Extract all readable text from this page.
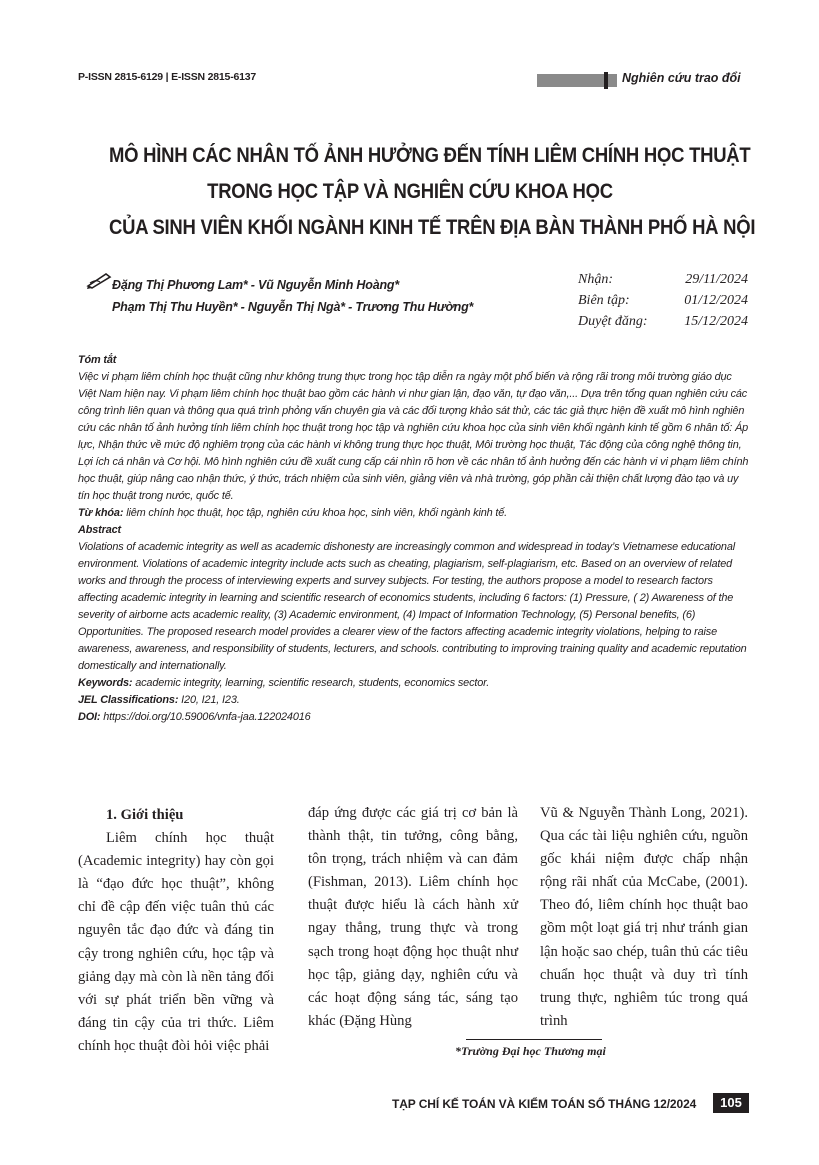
P-ISSN 2815-6129 | E-ISSN 2815-6137	Nghiên cứu trao đổi
MÔ HÌNH CÁC NHÂN TỐ ẢNH HƯỞNG ĐẾN TÍNH LIÊM CHÍNH HỌC THUẬT
TRONG HỌC TẬP VÀ NGHIÊN CỨU KHOA HỌC
CỦA SINH VIÊN KHỐI NGÀNH KINH TẾ TRÊN ĐỊA BÀN THÀNH PHỐ HÀ NỘI
Đặng Thị Phương Lam* - Vũ Nguyễn Minh Hoàng*
Phạm Thị Thu Huyền* - Nguyễn Thị Ngà* - Trương Thu Hường*
Nhận:	29/11/2024
Biên tập:	01/12/2024
Duyệt đăng:	15/12/2024
Tóm tắt
Việc vi phạm liêm chính học thuật cũng như không trung thực trong học tập diễn ra ngày một phổ biến và rộng rãi trong môi trường giáo dục Việt Nam hiện nay. Vi phạm liêm chính học thuật bao gồm các hành vi như gian lận, đạo văn, tự đạo văn,... Dựa trên tổng quan nghiên cứu các công trình liên quan và thông qua quá trình phỏng vấn chuyên gia và các đối tượng khảo sát thử, các tác giả thực hiện đề xuất mô hình nghiên cứu các nhân tố ảnh hưởng tính liêm chính học thuật trong học tập và nghiên cứu khoa học của sinh viên khối ngành kinh tế gồm 6 nhân tố: Áp lực, Nhận thức về mức độ nghiêm trọng của các hành vi không trung thực học thuật, Môi trường học thuật, Tác động của công nghệ thông tin, Lợi ích cá nhân và Cơ hội. Mô hình nghiên cứu đề xuất cung cấp cái nhìn rõ hơn về các nhân tố ảnh hưởng đến các hành vi vi phạm liêm chính học thuật, giúp nâng cao nhận thức, ý thức, trách nhiệm của sinh viên, giảng viên và nhà trường, góp phần cải thiện chất lượng đào tạo và uy tín học thuật trong nước, quốc tế.
Từ khóa: liêm chính học thuật, học tập, nghiên cứu khoa học, sinh viên, khối ngành kinh tế.
Abstract
Violations of academic integrity as well as academic dishonesty are increasingly common and widespread in today’s Vietnamese educational environment. Violations of academic integrity include acts such as cheating, plagiarism, self-plagiarism, etc. Based on an overview of related works and through the process of interviewing experts and survey subjects. For testing, the authors propose a model to research factors affecting academic integrity in learning and scientific research of economics students, including 6 factors: (1) Pressure, ( 2) Awareness of the severity of airborne acts academic reality, (3) Academic environment, (4) Impact of Information Technology, (5) Personal benefits, (6) Opportunities. The proposed research model provides a clearer view of the factors affecting academic integrity violations, helping to raise awareness, awareness, and responsibility of students, lecturers, and schools. contributing to improving training quality and academic reputation domestically and internationally.
Keywords: academic integrity, learning, scientific research, students, economics sector.
JEL Classifications: I20, I21, I23.
DOI: https://doi.org/10.59006/vnfa-jaa.122024016

1. Giới thiệu

Liêm chính học thuật (Academic integrity) hay còn gọi là “đạo đức học thuật”, không chỉ đề cập đến việc tuân thủ các nguyên tắc đạo đức và đáng tin cậy trong nghiên cứu, học tập và giảng dạy mà còn là nền tảng đối với sự phát triển bền vững và đáng tin cậy của tri thức. Liêm chính học thuật đòi hỏi việc phải

đáp ứng được các giá trị cơ bản là thành thật, tin tưởng, công bằng, tôn trọng, trách nhiệm và can đảm (Fishman, 2013). Liêm chính học thuật được hiểu là cách hành xử ngay thẳng, trung thực và trong sạch trong hoạt động học thuật như học tập, giảng dạy, nghiên cứu và các hoạt động sáng tác, sáng tạo khác (Đặng Hùng

Vũ & Nguyễn Thành Long, 2021). Qua các tài liệu nghiên cứu, nguồn gốc khái niệm được chấp nhận rộng rãi nhất của McCabe, (2001). Theo đó, liêm chính học thuật bao gồm một loạt giá trị như tránh gian lận hoặc sao chép, tuân thủ các tiêu chuẩn học thuật và duy trì tính trung thực, nghiêm túc trong quá trình

*Trường Đại học Thương mại
TẠP CHÍ KẾ TOÁN VÀ KIỂM TOÁN SỐ THÁNG 12/2024	105
